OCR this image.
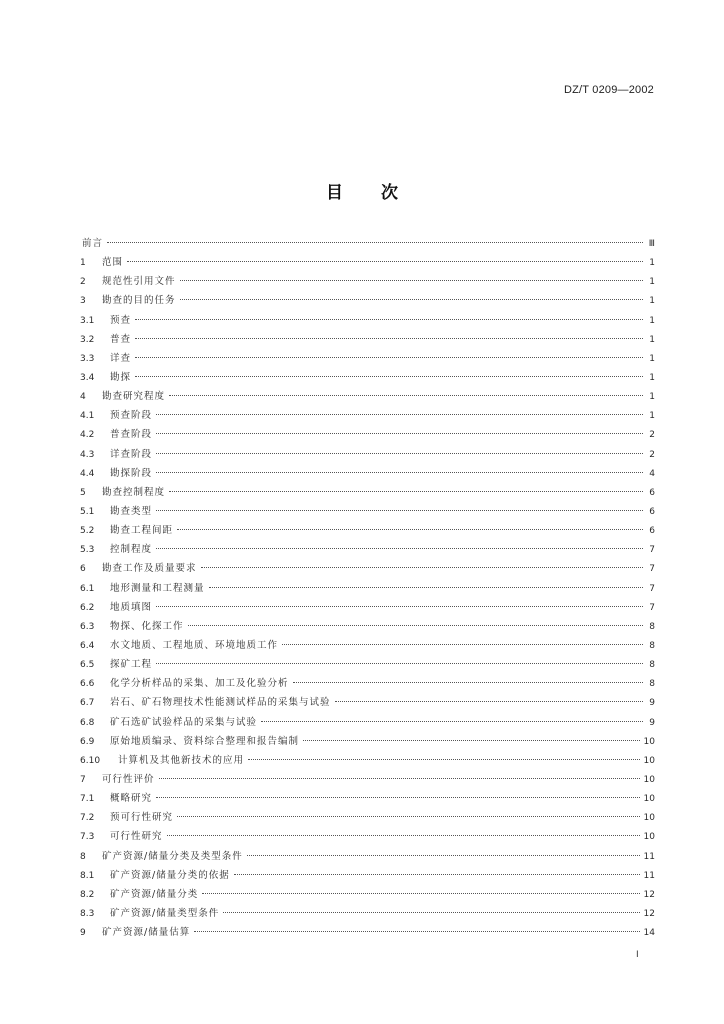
DZ/T 0209—2002
目 次
前言	Ⅲ
1	范围	1
2	规范性引用文件	1
3	勘查的目的任务	1
3.1	预查	1
3.2	普查	1
3.3	详查	1
3.4	勘探	1
4	勘查研究程度	1
4.1	预查阶段	1
4.2	普查阶段	2
4.3	详查阶段	2
4.4	勘探阶段	4
5	勘查控制程度	6
5.1	勘查类型	6
5.2	勘查工程间距	6
5.3	控制程度	7
6	勘查工作及质量要求	7
6.1	地形测量和工程测量	7
6.2	地质填图	7
6.3	物探、化探工作	8
6.4	水文地质、工程地质、环境地质工作	8
6.5	探矿工程	8
6.6	化学分析样品的采集、加工及化验分析	8
6.7	岩石、矿石物理技术性能测试样品的采集与试验	9
6.8	矿石选矿试验样品的采集与试验	9
6.9	原始地质编录、资料综合整理和报告编制	10
6.10	计算机及其他新技术的应用	10
7	可行性评价	10
7.1	概略研究	10
7.2	预可行性研究	10
7.3	可行性研究	10
8	矿产资源/储量分类及类型条件	11
8.1	矿产资源/储量分类的依据	11
8.2	矿产资源/储量分类	12
8.3	矿产资源/储量类型条件	12
9	矿产资源/储量估算	14
I
